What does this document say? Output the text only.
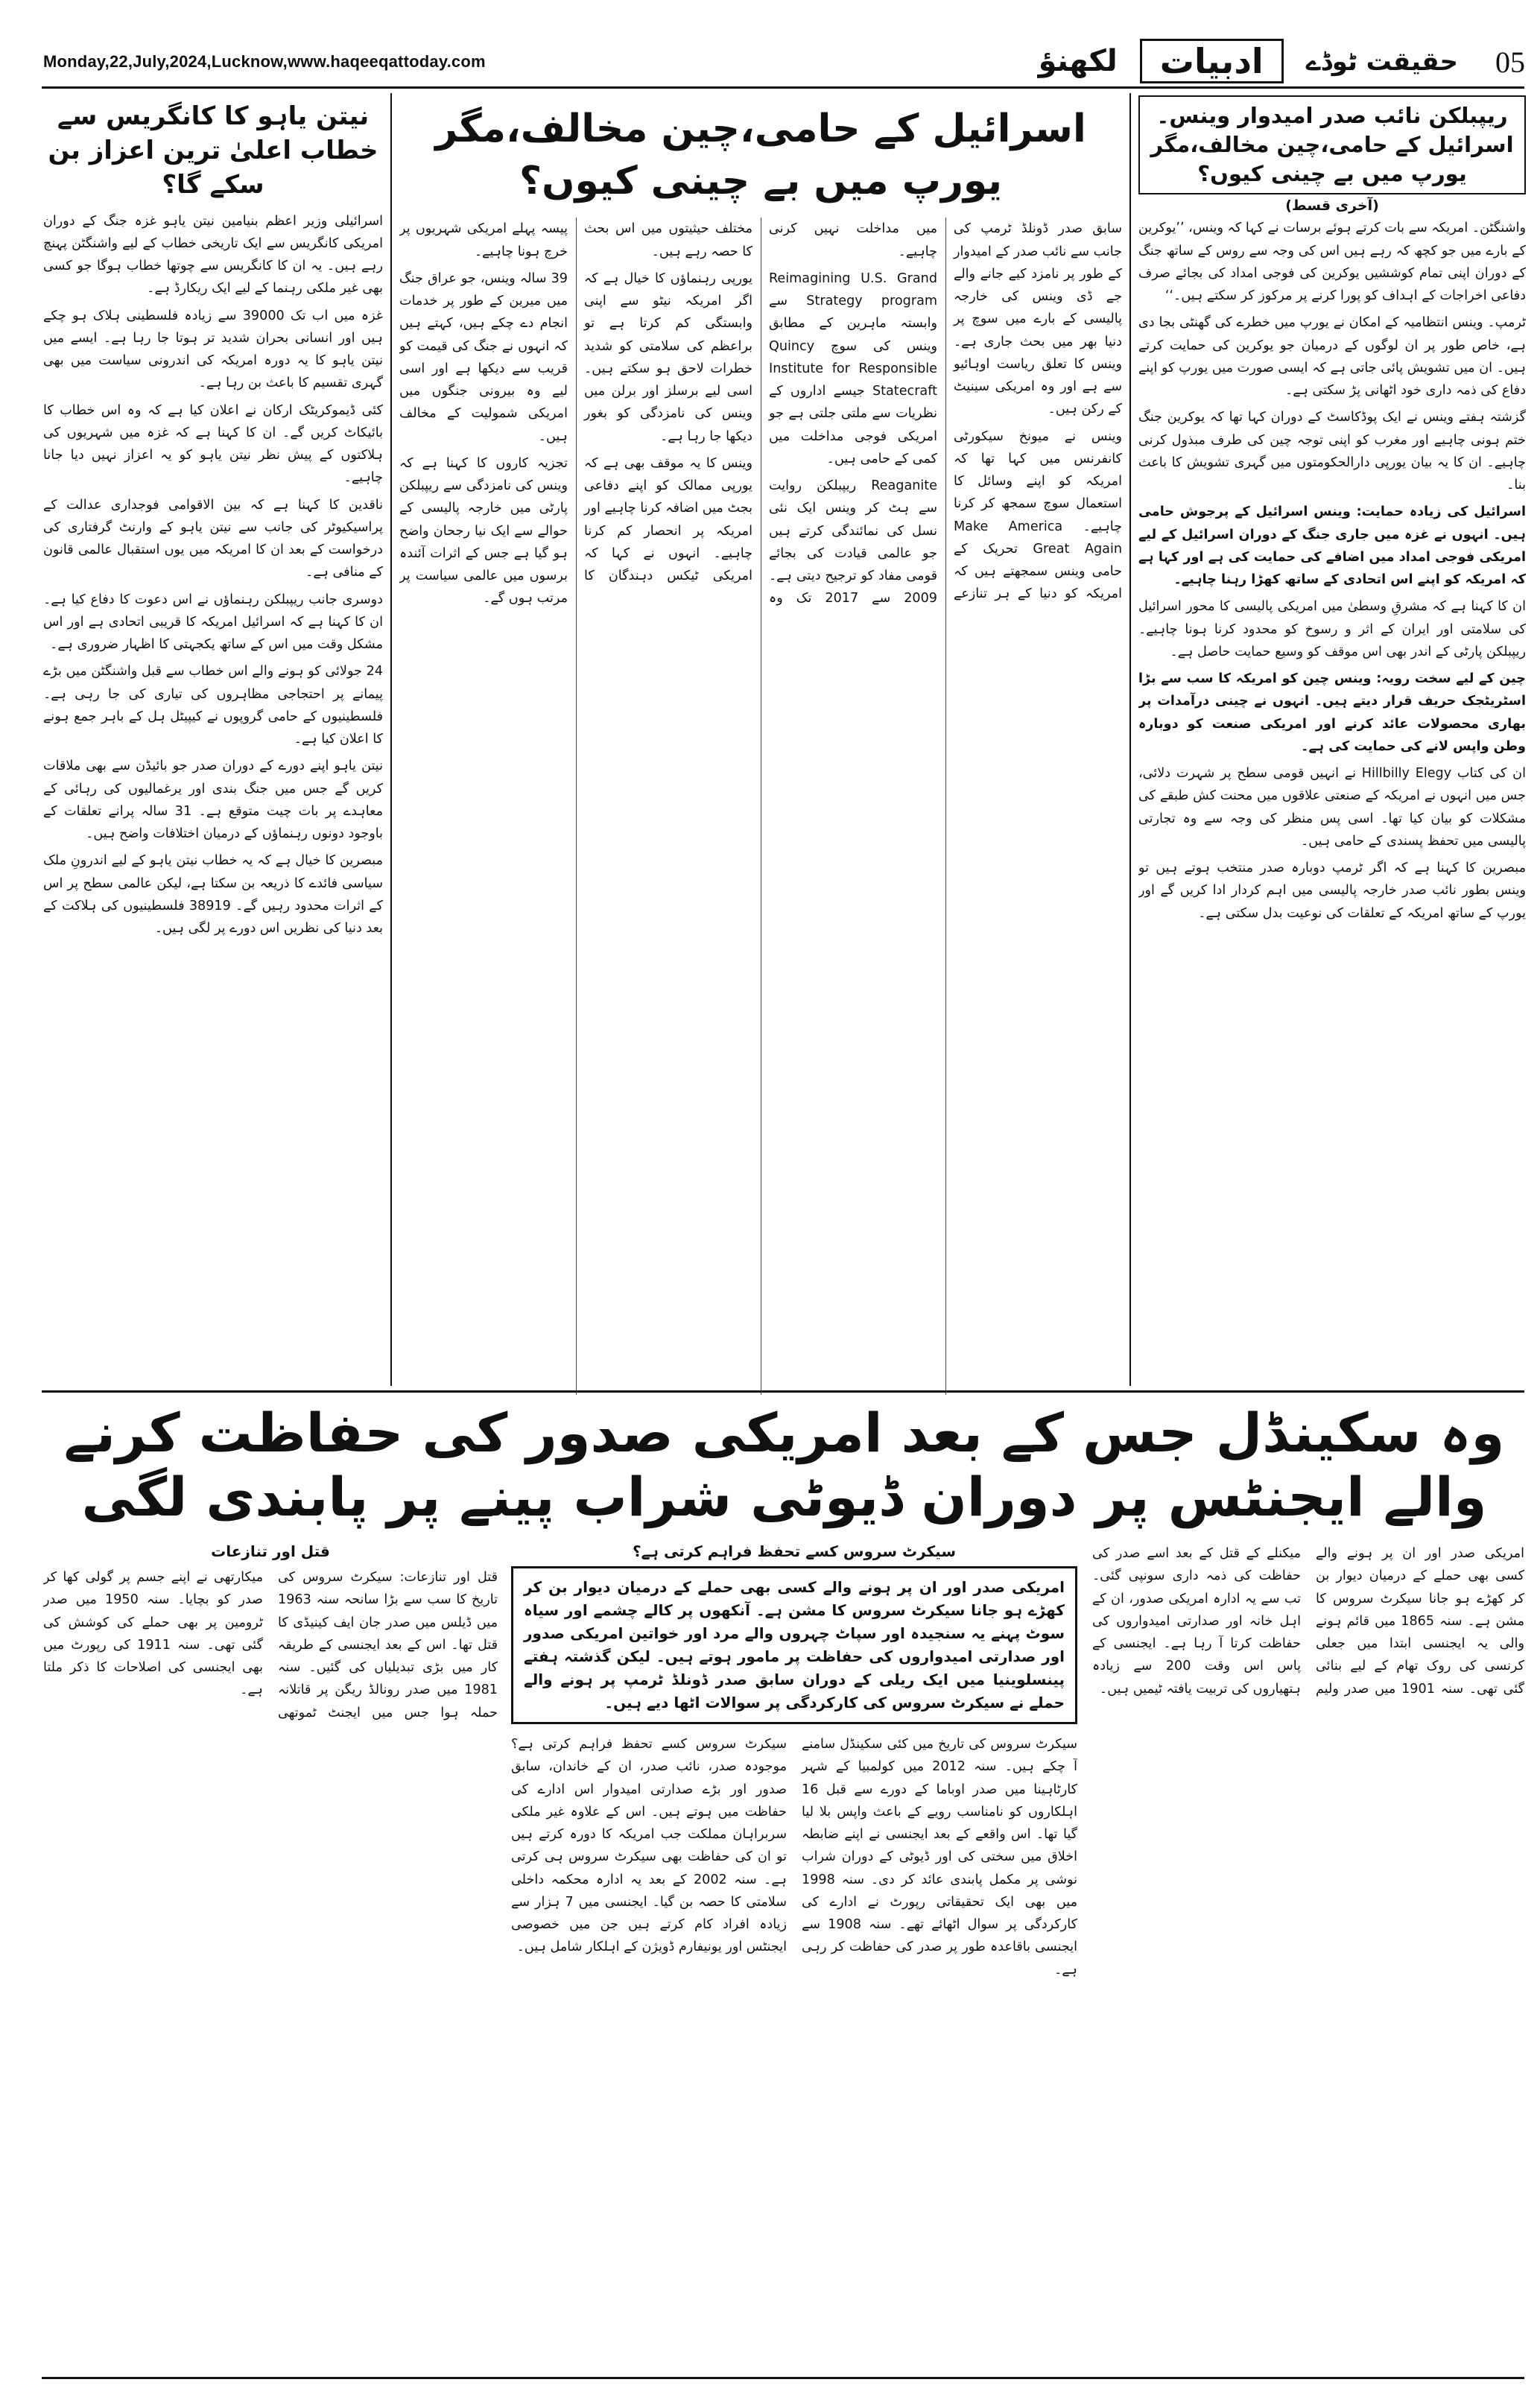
Monday,22,July,2024,Lucknow,www.haqeeqattoday.com	حقیقت ٹوڈے
ادبیات
لکھنؤ	05
ریپبلکن نائب صدر امیدوار وینس۔اسرائیل کے حامی،چین مخالف،مگر یورپ میں بے چینی کیوں؟
(آخری قسط)

واشنگٹن۔ امریکہ سے بات کرتے ہوئے برسات نے کہا کہ وینس، ’’یوکرین کے بارے میں جو کچھ کہ رہے ہیں اس کی وجہ سے روس کے ساتھ جنگ کے دوران اپنی تمام کوششیں یوکرین کی فوجی امداد کی بجائے صرف دفاعی اخراجات کے اہداف کو پورا کرنے پر مرکوز کر سکتے ہیں۔‘‘

ٹرمپ۔ وینس انتظامیہ کے امکان نے یورپ میں خطرے کی گھنٹی بجا دی ہے، خاص طور پر ان لوگوں کے درمیان جو یوکرین کی حمایت کرتے ہیں۔ ان میں تشویش پائی جاتی ہے کہ ایسی صورت میں یورپ کو اپنے دفاع کی ذمہ داری خود اٹھانی پڑ سکتی ہے۔

گزشتہ ہفتے وینس نے ایک پوڈکاسٹ کے دوران کہا تھا کہ یوکرین جنگ ختم ہونی چاہیے اور مغرب کو اپنی توجہ چین کی طرف مبذول کرنی چاہیے۔ ان کا یہ بیان یورپی دارالحکومتوں میں گہری تشویش کا باعث بنا۔

اسرائیل کی زیادہ حمایت: وینس اسرائیل کے پرجوش حامی ہیں۔ انہوں نے غزہ میں جاری جنگ کے دوران اسرائیل کے لیے امریکی فوجی امداد میں اضافے کی حمایت کی ہے اور کہا ہے کہ امریکہ کو اپنے اس اتحادی کے ساتھ کھڑا رہنا چاہیے۔

ان کا کہنا ہے کہ مشرقِ وسطیٰ میں امریکی پالیسی کا محور اسرائیل کی سلامتی اور ایران کے اثر و رسوخ کو محدود کرنا ہونا چاہیے۔ ریپبلکن پارٹی کے اندر بھی اس موقف کو وسیع حمایت حاصل ہے۔

چین کے لیے سخت رویہ: وینس چین کو امریکہ کا سب سے بڑا اسٹریٹجک حریف قرار دیتے ہیں۔ انہوں نے چینی درآمدات پر بھاری محصولات عائد کرنے اور امریکی صنعت کو دوبارہ وطن واپس لانے کی حمایت کی ہے۔

ان کی کتاب Hillbilly Elegy نے انہیں قومی سطح پر شہرت دلائی، جس میں انہوں نے امریکہ کے صنعتی علاقوں میں محنت کش طبقے کی مشکلات کو بیان کیا تھا۔ اسی پس منظر کی وجہ سے وہ تجارتی پالیسی میں تحفظ پسندی کے حامی ہیں۔

مبصرین کا کہنا ہے کہ اگر ٹرمپ دوبارہ صدر منتخب ہوتے ہیں تو وینس بطور نائب صدر خارجہ پالیسی میں اہم کردار ادا کریں گے اور یورپ کے ساتھ امریکہ کے تعلقات کی نوعیت بدل سکتی ہے۔

اسرائیل کے حامی،چین مخالف،مگر یورپ میں بے چینی کیوں؟

سابق صدر ڈونلڈ ٹرمپ کی جانب سے نائب صدر کے امیدوار کے طور پر نامزد کیے جانے والے جے ڈی وینس کی خارجہ پالیسی کے بارے میں سوچ پر دنیا بھر میں بحث جاری ہے۔ وینس کا تعلق ریاست اوہائیو سے ہے اور وہ امریکی سینیٹ کے رکن ہیں۔

وینس نے میونخ سیکورٹی کانفرنس میں کہا تھا کہ امریکہ کو اپنے وسائل کا استعمال سوچ سمجھ کر کرنا چاہیے۔ Make America Great Again تحریک کے حامی وینس سمجھتے ہیں کہ امریکہ کو دنیا کے ہر تنازعے میں مداخلت نہیں کرنی چاہیے۔

Reimagining U.S. Grand Strategy program سے وابستہ ماہرین کے مطابق وینس کی سوچ Quincy Institute for Responsible Statecraft جیسے اداروں کے نظریات سے ملتی جلتی ہے جو امریکی فوجی مداخلت میں کمی کے حامی ہیں۔

Reaganite ریپبلکن روایت سے ہٹ کر وینس ایک نئی نسل کی نمائندگی کرتے ہیں جو عالمی قیادت کی بجائے قومی مفاد کو ترجیح دیتی ہے۔ 2009 سے 2017 تک وہ مختلف حیثیتوں میں اس بحث کا حصہ رہے ہیں۔

یورپی رہنماؤں کا خیال ہے کہ اگر امریکہ نیٹو سے اپنی وابستگی کم کرتا ہے تو براعظم کی سلامتی کو شدید خطرات لاحق ہو سکتے ہیں۔ اسی لیے برسلز اور برلن میں وینس کی نامزدگی کو بغور دیکھا جا رہا ہے۔

وینس کا یہ موقف بھی ہے کہ یورپی ممالک کو اپنے دفاعی بجٹ میں اضافہ کرنا چاہیے اور امریکہ پر انحصار کم کرنا چاہیے۔ انہوں نے کہا کہ امریکی ٹیکس دہندگان کا پیسہ پہلے امریکی شہریوں پر خرچ ہونا چاہیے۔

39 سالہ وینس، جو عراق جنگ میں میرین کے طور پر خدمات انجام دے چکے ہیں، کہتے ہیں کہ انہوں نے جنگ کی قیمت کو قریب سے دیکھا ہے اور اسی لیے وہ بیرونی جنگوں میں امریکی شمولیت کے مخالف ہیں۔

تجزیہ کاروں کا کہنا ہے کہ وینس کی نامزدگی سے ریپبلکن پارٹی میں خارجہ پالیسی کے حوالے سے ایک نیا رجحان واضح ہو گیا ہے جس کے اثرات آئندہ برسوں میں عالمی سیاست پر مرتب ہوں گے۔

نیتن یاہو کا کانگریس سے خطاب اعلیٰ ترین اعزاز بن سکے گا؟

اسرائیلی وزیر اعظم بنیامین نیتن یاہو غزہ جنگ کے دوران امریکی کانگریس سے ایک تاریخی خطاب کے لیے واشنگٹن پہنچ رہے ہیں۔ یہ ان کا کانگریس سے چوتھا خطاب ہوگا جو کسی بھی غیر ملکی رہنما کے لیے ایک ریکارڈ ہے۔

غزہ میں اب تک 39000 سے زیادہ فلسطینی ہلاک ہو چکے ہیں اور انسانی بحران شدید تر ہوتا جا رہا ہے۔ ایسے میں نیتن یاہو کا یہ دورہ امریکہ کی اندرونی سیاست میں بھی گہری تقسیم کا باعث بن رہا ہے۔

کئی ڈیموکریٹک ارکان نے اعلان کیا ہے کہ وہ اس خطاب کا بائیکاٹ کریں گے۔ ان کا کہنا ہے کہ غزہ میں شہریوں کی ہلاکتوں کے پیش نظر نیتن یاہو کو یہ اعزاز نہیں دیا جانا چاہیے۔

ناقدین کا کہنا ہے کہ بین الاقوامی فوجداری عدالت کے پراسیکیوٹر کی جانب سے نیتن یاہو کے وارنٹ گرفتاری کی درخواست کے بعد ان کا امریکہ میں یوں استقبال عالمی قانون کے منافی ہے۔

دوسری جانب ریپبلکن رہنماؤں نے اس دعوت کا دفاع کیا ہے۔ ان کا کہنا ہے کہ اسرائیل امریکہ کا قریبی اتحادی ہے اور اس مشکل وقت میں اس کے ساتھ یکجہتی کا اظہار ضروری ہے۔

24 جولائی کو ہونے والے اس خطاب سے قبل واشنگٹن میں بڑے پیمانے پر احتجاجی مظاہروں کی تیاری کی جا رہی ہے۔ فلسطینیوں کے حامی گروپوں نے کیپیٹل ہل کے باہر جمع ہونے کا اعلان کیا ہے۔

نیتن یاہو اپنے دورے کے دوران صدر جو بائیڈن سے بھی ملاقات کریں گے جس میں جنگ بندی اور یرغمالیوں کی رہائی کے معاہدے پر بات چیت متوقع ہے۔ 31 سالہ پرانے تعلقات کے باوجود دونوں رہنماؤں کے درمیان اختلافات واضح ہیں۔

مبصرین کا خیال ہے کہ یہ خطاب نیتن یاہو کے لیے اندرونِ ملک سیاسی فائدے کا ذریعہ بن سکتا ہے، لیکن عالمی سطح پر اس کے اثرات محدود رہیں گے۔ 38919 فلسطینیوں کی ہلاکت کے بعد دنیا کی نظریں اس دورے پر لگی ہیں۔

وہ سکینڈل جس کے بعد امریکی صدور کی حفاظت کرنے والے ایجنٹس پر دوران ڈیوٹی شراب پینے پر پابندی لگی

امریکی صدر اور ان پر ہونے والے کسی بھی حملے کے درمیان دیوار بن کر کھڑے ہو جانا سیکرٹ سروس کا مشن ہے۔ سنہ 1865 میں قائم ہونے والی یہ ایجنسی ابتدا میں جعلی کرنسی کی روک تھام کے لیے بنائی گئی تھی۔ سنہ 1901 میں صدر ولیم میکنلے کے قتل کے بعد اسے صدر کی حفاظت کی ذمہ داری سونپی گئی۔ تب سے یہ ادارہ امریکی صدور، ان کے اہل خانہ اور صدارتی امیدواروں کی حفاظت کرتا آ رہا ہے۔ ایجنسی کے پاس اس وقت 200 سے زیادہ ہتھیاروں کی تربیت یافتہ ٹیمیں ہیں۔

سیکرٹ سروس کسے تحفظ فراہم کرتی ہے؟
امریکی صدر اور ان پر ہونے والے کسی بھی حملے کے درمیان دیوار بن کر کھڑے ہو جانا سیکرٹ سروس کا مشن ہے۔ آنکھوں پر کالے چشمے اور سیاہ سوٹ پہنے یہ سنجیدہ اور سپاٹ چہروں والے مرد اور خواتین امریکی صدور اور صدارتی امیدواروں کی حفاظت پر مامور ہوتے ہیں۔ لیکن گذشتہ ہفتے پینسلوینیا میں ایک ریلی کے دوران سابق صدر ڈونلڈ ٹرمپ پر ہونے والے حملے نے سیکرٹ سروس کی کارکردگی پر سوالات اٹھا دیے ہیں۔

سیکرٹ سروس کی تاریخ میں کئی سکینڈل سامنے آ چکے ہیں۔ سنہ 2012 میں کولمبیا کے شہر کارٹاہینا میں صدر اوباما کے دورے سے قبل 16 اہلکاروں کو نامناسب رویے کے باعث واپس بلا لیا گیا تھا۔ اس واقعے کے بعد ایجنسی نے اپنے ضابطہ اخلاق میں سختی کی اور ڈیوٹی کے دوران شراب نوشی پر مکمل پابندی عائد کر دی۔ سنہ 1998 میں بھی ایک تحقیقاتی رپورٹ نے ادارے کی کارکردگی پر سوال اٹھائے تھے۔ سنہ 1908 سے ایجنسی باقاعدہ طور پر صدر کی حفاظت کر رہی ہے۔

سیکرٹ سروس کسے تحفظ فراہم کرتی ہے؟ موجودہ صدر، نائب صدر، ان کے خاندان، سابق صدور اور بڑے صدارتی امیدوار اس ادارے کی حفاظت میں ہوتے ہیں۔ اس کے علاوہ غیر ملکی سربراہان مملکت جب امریکہ کا دورہ کرتے ہیں تو ان کی حفاظت بھی سیکرٹ سروس ہی کرتی ہے۔ سنہ 2002 کے بعد یہ ادارہ محکمہ داخلی سلامتی کا حصہ بن گیا۔ ایجنسی میں 7 ہزار سے زیادہ افراد کام کرتے ہیں جن میں خصوصی ایجنٹس اور یونیفارم ڈویژن کے اہلکار شامل ہیں۔

قتل اور تنازعات

قتل اور تنازعات: سیکرٹ سروس کی تاریخ کا سب سے بڑا سانحہ سنہ 1963 میں ڈیلس میں صدر جان ایف کینیڈی کا قتل تھا۔ اس کے بعد ایجنسی کے طریقہ کار میں بڑی تبدیلیاں کی گئیں۔ سنہ 1981 میں صدر رونالڈ ریگن پر قاتلانہ حملہ ہوا جس میں ایجنٹ ٹموتھی میکارتھی نے اپنے جسم پر گولی کھا کر صدر کو بچایا۔ سنہ 1950 میں صدر ٹرومین پر بھی حملے کی کوشش کی گئی تھی۔ سنہ 1911 کی رپورٹ میں بھی ایجنسی کی اصلاحات کا ذکر ملتا ہے۔
